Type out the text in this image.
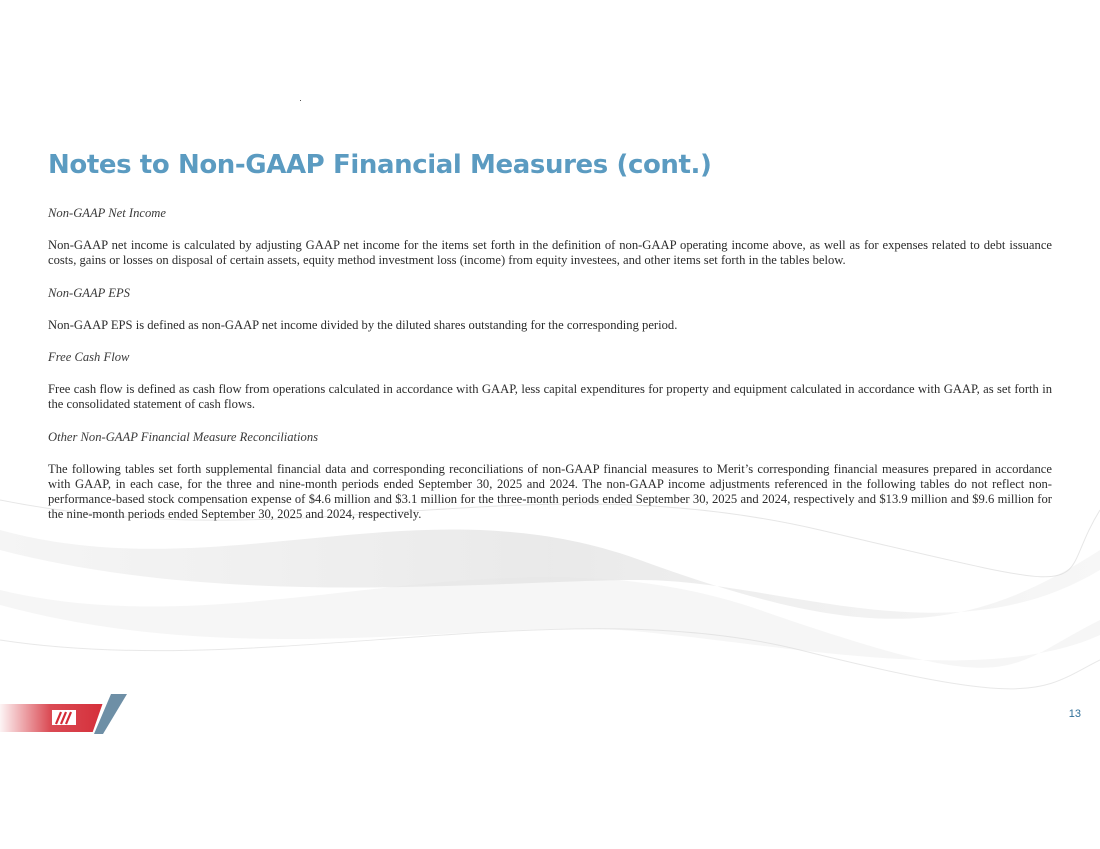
Notes to Non-GAAP Financial Measures (cont.)

Non-GAAP Net Income

Non-GAAP net income is calculated by adjusting GAAP net income for the items set forth in the definition of non-GAAP operating income above, as well as for expenses related to debt issuance costs, gains or losses on disposal of certain assets, equity method investment loss (income) from equity investees, and other items set forth in the tables below.

Non-GAAP EPS

Non-GAAP EPS is defined as non-GAAP net income divided by the diluted shares outstanding for the corresponding period.

Free Cash Flow

Free cash flow is defined as cash flow from operations calculated in accordance with GAAP, less capital expenditures for property and equipment calculated in accordance with GAAP, as set forth in the consolidated statement of cash flows.

Other Non-GAAP Financial Measure Reconciliations

The following tables set forth supplemental financial data and corresponding reconciliations of non-GAAP financial measures to Merit’s corresponding financial measures prepared in accordance with GAAP, in each case, for the three and nine-month periods ended September 30, 2025 and 2024. The non-GAAP income adjustments referenced in the following tables do not reflect non-performance-based stock compensation expense of $4.6 million and $3.1 million for the three-month periods ended September 30, 2025 and 2024, respectively and $13.9 million and $9.6 million for the nine-month periods ended September 30, 2025 and 2024, respectively.

13
